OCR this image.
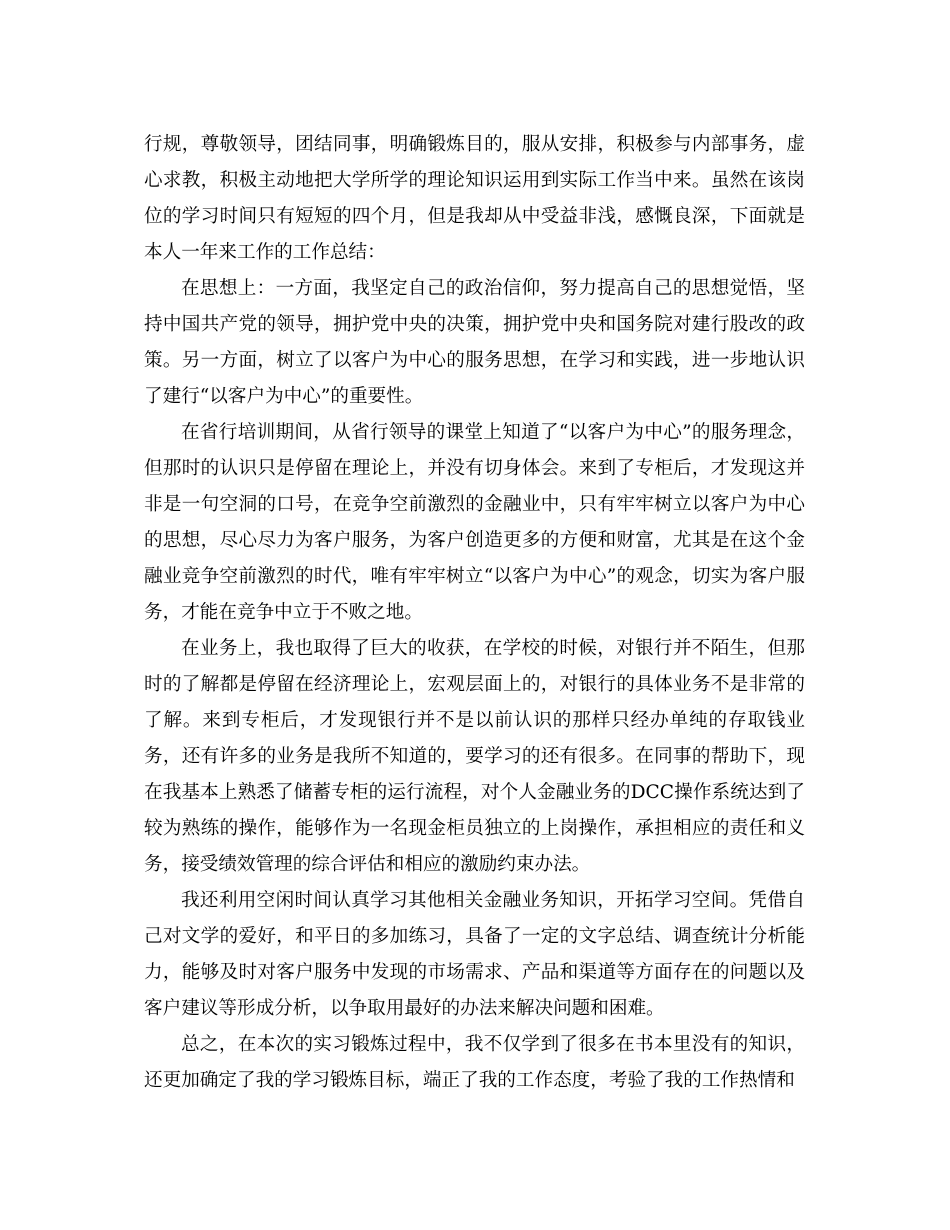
行规，尊敬领导，团结同事，明确锻炼目的，服从安排，积极参与内部事务，虚心求教，积极主动地把大学所学的理论知识运用到实际工作当中来。虽然在该岗位的学习时间只有短短的四个月，但是我却从中受益非浅，感慨良深，下面就是本人一年来工作的工作总结：

在思想上：一方面，我坚定自己的政治信仰，努力提高自己的思想觉悟，坚持中国共产党的领导，拥护党中央的决策，拥护党中央和国务院对建行股改的政策。另一方面，树立了以客户为中心的服务思想，在学习和实践，进一步地认识了建行“以客户为中心”的重要性。

在省行培训期间，从省行领导的课堂上知道了“以客户为中心”的服务理念，但那时的认识只是停留在理论上，并没有切身体会。来到了专柜后，才发现这并非是一句空洞的口号，在竞争空前激烈的金融业中，只有牢牢树立以客户为中心的思想，尽心尽力为客户服务，为客户创造更多的方便和财富，尤其是在这个金融业竞争空前激烈的时代，唯有牢牢树立“以客户为中心”的观念，切实为客户服务，才能在竞争中立于不败之地。

在业务上，我也取得了巨大的收获，在学校的时候，对银行并不陌生，但那时的了解都是停留在经济理论上，宏观层面上的，对银行的具体业务不是非常的了解。来到专柜后，才发现银行并不是以前认识的那样只经办单纯的存取钱业务，还有许多的业务是我所不知道的，要学习的还有很多。在同事的帮助下，现在我基本上熟悉了储蓄专柜的运行流程，对个人金融业务的DCC操作系统达到了较为熟练的操作，能够作为一名现金柜员独立的上岗操作，承担相应的责任和义务，接受绩效管理的综合评估和相应的激励约束办法。

我还利用空闲时间认真学习其他相关金融业务知识，开拓学习空间。凭借自己对文学的爱好，和平日的多加练习，具备了一定的文字总结、调查统计分析能力，能够及时对客户服务中发现的市场需求、产品和渠道等方面存在的问题以及客户建议等形成分析，以争取用最好的办法来解决问题和困难。

总之，在本次的实习锻炼过程中，我不仅学到了很多在书本里没有的知识，还更加确定了我的学习锻炼目标，端正了我的工作态度，考验了我的工作热情和
